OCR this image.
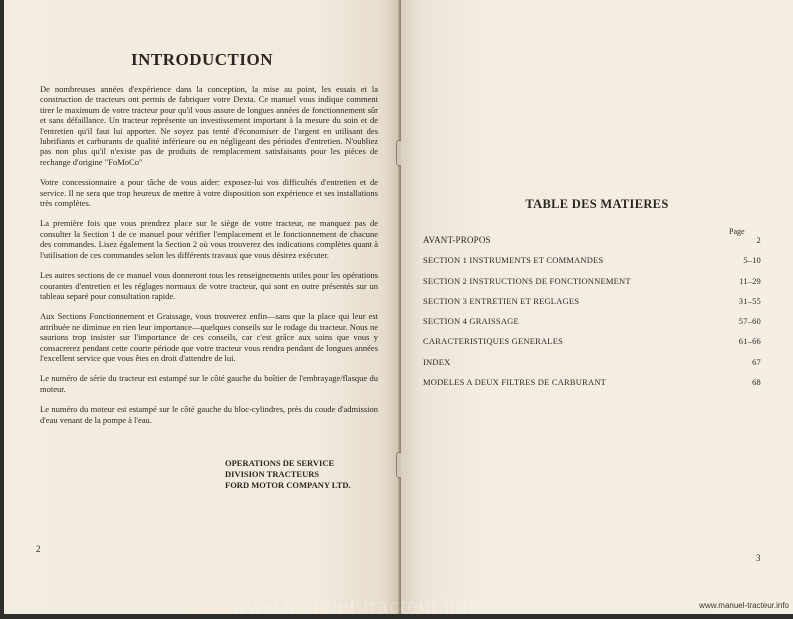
INTRODUCTION

De nombreuses années d'expérience dans la conception, la mise au point, les essais et la construction de tracteurs ont permis de fabriquer votre Dexta. Ce manuel vous indique comment tirer le maximum de votre tracteur pour qu'il vous assure de longues années de fonctionnement sûr et sans défaillance. Un tracteur représente un investissement important à la mesure du soin et de l'entretien qu'il faut lui apporter. Ne soyez pas tenté d'économiser de l'argent en utilisant des lubrifiants et carburants de qualité inférieure ou en négligeant des périodes d'entretien. N'oubliez pas non plus qu'il n'existe pas de produits de remplacement satisfaisants pour les pièces de rechange d'origine "FoMoCo"

Votre concessionnaire a pour tâche de vous aider: exposez-lui vos difficultés d'entretien et de service. Il ne sera que trop heureux de mettre à votre disposition son expérience et ses installations très complètes.

La première fois que vous prendrez place sur le siège de votre tracteur, ne manquez pas de consulter la Section 1 de ce manuel pour vérifier l'emplacement et le fonctionnement de chacune des commandes. Lisez également la Section 2 où vous trouverez des indications complètes quant à l'utilisation de ces commandes selon les différents travaux que vous désirez exécuter.

Les autres sections de ce manuel vous donneront tous les renseignements utiles pour les opérations courantes d'entretien et les réglages normaux de votre tracteur, qui sont en outre présentés sur un tableau separé pour consultation rapide.

Aux Sections Fonctionnement et Graissage, vous trouverez enfin—sans que la place qui leur est attribuée ne diminue en rien leur importance—quelques conseils sur le rodage du tracteur. Nous ne saurions trop insister sur l'importance de ces conseils, car c'est grâce aux soins que vous y consacrerez pendant cette courte période que votre tracteur vous rendra pendant de longues années l'excellent service que vous êtes en droit d'attendre de lui.

Le numéro de série du tracteur est estampé sur le côté gauche du boîtier de l'embrayage/flasque du moteur.

Le numéro du moteur est estampé sur le côté gauche du bloc-cylindres, près du coude d'admission d'eau venant de la pompe à l'eau.

OPERATIONS DE SERVICE
DIVISION TRACTEURS
FORD MOTOR COMPANY LTD.
2
TABLE DES MATIERES
Page
AVANT-PROPOS	2
SECTION 1 INSTRUMENTS ET COMMANDES	5–10
SECTION 2 INSTRUCTIONS DE FONCTIONNEMENT	11–29
SECTION 3 ENTRETIEN ET REGLAGES	31–55
SECTION 4 GRAISSAGE	57–60
CARACTERISTIQUES GENERALES	61–66
INDEX	67
MODELES A DEUX FILTRES DE CARBURANT	68
3
www.manuel-tracteur.info	www.manuel-tracteur.info
